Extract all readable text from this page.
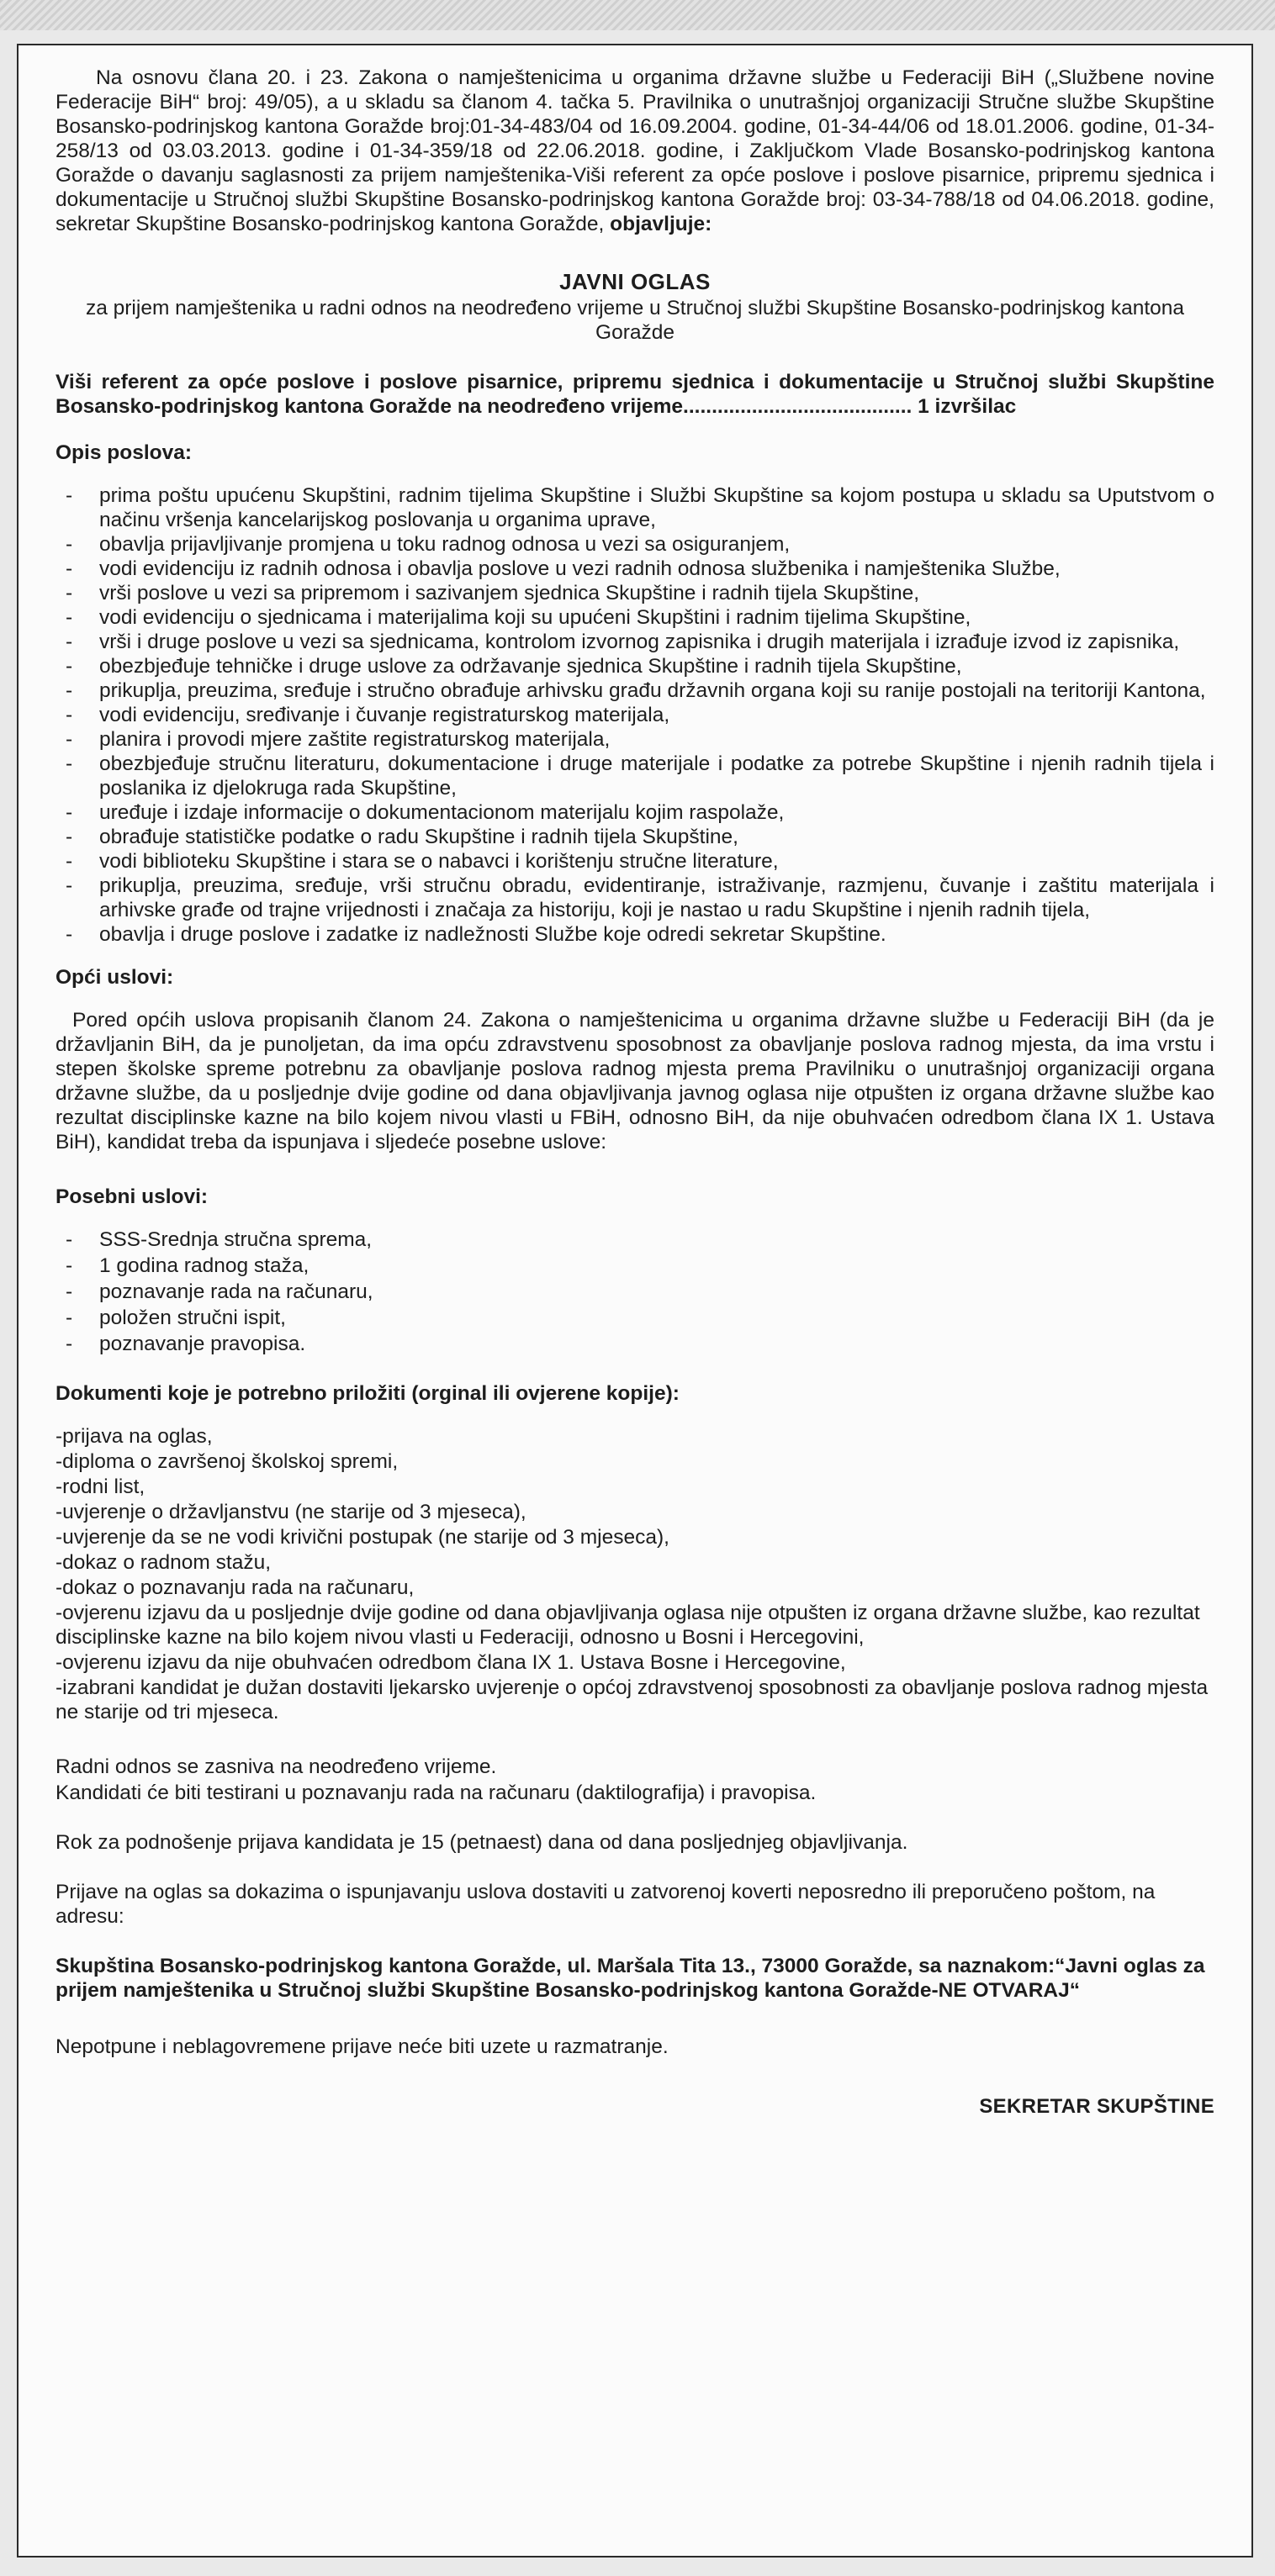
Na osnovu člana 20. i 23. Zakona o namještenicima u organima državne službe u Federaciji BiH („Službene novine Federacije BiH“ broj: 49/05), a u skladu sa članom 4. tačka 5. Pravilnika o unutrašnjoj organizaciji Stručne službe Skupštine Bosansko-podrinjskog kantona Goražde broj:01-34-483/04 od 16.09.2004. godine, 01-34-44/06 od 18.01.2006. godine, 01-34-258/13 od 03.03.2013. godine i 01-34-359/18 od 22.06.2018. godine, i Zaključkom Vlade Bosansko-podrinjskog kantona Goražde o davanju saglasnosti za prijem namještenika-Viši referent za opće poslove i poslove pisarnice, pripremu sjednica i dokumentacije u Stručnoj službi Skupštine Bosansko-podrinjskog kantona Goražde broj: 03-34-788/18 od 04.06.2018. godine, sekretar Skupštine Bosansko-podrinjskog kantona Goražde, objavljuje:

JAVNI OGLAS

za prijem namještenika u radni odnos na neodređeno vrijeme u Stručnoj službi Skupštine Bosansko-podrinjskog kantona Goražde

Viši referent za opće poslove i poslove pisarnice, pripremu sjednica i dokumentacije u Stručnoj službi Skupštine Bosansko-podrinjskog kantona Goražde na neodređeno vrijeme........................................ 1 izvršilac

Opis poslova:

- prima poštu upućenu Skupštini, radnim tijelima Skupštine i Službi Skupštine sa kojom postupa u skladu sa Uputstvom o načinu vršenja kancelarijskog poslovanja u organima uprave,
- obavlja prijavljivanje promjena u toku radnog odnosa u vezi sa osiguranjem,
- vodi evidenciju iz radnih odnosa i obavlja poslove u vezi radnih odnosa službenika i namještenika Službe,
- vrši poslove u vezi sa pripremom i sazivanjem sjednica Skupštine i radnih tijela Skupštine,
- vodi evidenciju o sjednicama i materijalima koji su upućeni Skupštini i radnim tijelima Skupštine,
- vrši i druge poslove u vezi sa sjednicama, kontrolom izvornog zapisnika i drugih materijala i izrađuje izvod iz zapisnika,
- obezbjeđuje tehničke i druge uslove za održavanje sjednica Skupštine i radnih tijela Skupštine,
- prikuplja, preuzima, sređuje i stručno obrađuje arhivsku građu državnih organa koji su ranije postojali na teritoriji Kantona,
- vodi evidenciju, sređivanje i čuvanje registraturskog materijala,
- planira i provodi mjere zaštite registraturskog materijala,
- obezbjeđuje stručnu literaturu, dokumentacione i druge materijale i podatke za potrebe Skupštine i njenih radnih tijela i poslanika iz djelokruga rada Skupštine,
- uređuje i izdaje informacije o dokumentacionom materijalu kojim raspolaže,
- obrađuje statističke podatke o radu Skupštine i radnih tijela Skupštine,
- vodi biblioteku Skupštine i stara se o nabavci i korištenju stručne literature,
- prikuplja, preuzima, sređuje, vrši stručnu obradu, evidentiranje, istraživanje, razmjenu, čuvanje i zaštitu materijala i arhivske građe od trajne vrijednosti i značaja za historiju, koji je nastao u radu Skupštine i njenih radnih tijela,
- obavlja i druge poslove i zadatke iz nadležnosti Službe koje odredi sekretar Skupštine.

Opći uslovi:

Pored općih uslova propisanih članom 24. Zakona o namještenicima u organima državne službe u Federaciji BiH (da je državljanin BiH, da je punoljetan, da ima opću zdravstvenu sposobnost za obavljanje poslova radnog mjesta, da ima vrstu i stepen školske spreme potrebnu za obavljanje poslova radnog mjesta prema Pravilniku o unutrašnjoj organizaciji organa državne službe, da u posljednje dvije godine od dana objavljivanja javnog oglasa nije otpušten iz organa državne službe kao rezultat disciplinske kazne na bilo kojem nivou vlasti u FBiH, odnosno BiH, da nije obuhvaćen odredbom člana IX 1. Ustava BiH), kandidat treba da ispunjava i sljedeće posebne uslove:

Posebni uslovi:

- SSS-Srednja stručna sprema,
- 1 godina radnog staža,
- poznavanje rada na računaru,
- položen stručni ispit,
- poznavanje pravopisa.

Dokumenti koje je potrebno priložiti (orginal ili ovjerene kopije):

-prijava na oglas,
-diploma o završenoj školskoj spremi,
-rodni list,
-uvjerenje o državljanstvu (ne starije od 3 mjeseca),
-uvjerenje da se ne vodi krivični postupak (ne starije od 3 mjeseca),
-dokaz o radnom stažu,
-dokaz o poznavanju rada na računaru,
-ovjerenu izjavu da u posljednje dvije godine od dana objavljivanja oglasa nije otpušten iz organa državne službe, kao rezultat disciplinske kazne na bilo kojem nivou vlasti u Federaciji, odnosno u Bosni i Hercegovini,
-ovjerenu izjavu da nije obuhvaćen odredbom člana IX 1. Ustava Bosne i Hercegovine,
-izabrani kandidat je dužan dostaviti ljekarsko uvjerenje o općoj zdravstvenoj sposobnosti za obavljanje poslova radnog mjesta ne starije od tri mjeseca.

Radni odnos se zasniva na neodređeno vrijeme.

Kandidati će biti testirani u poznavanju rada na računaru (daktilografija) i pravopisa.

Rok za podnošenje prijava kandidata je 15 (petnaest) dana od dana posljednjeg objavljivanja.

Prijave na oglas sa dokazima o ispunjavanju uslova dostaviti u zatvorenoj koverti neposredno ili preporučeno poštom, na adresu:

Skupština Bosansko-podrinjskog kantona Goražde, ul. Maršala Tita 13., 73000 Goražde, sa naznakom:“Javni oglas za prijem namještenika u Stručnoj službi Skupštine Bosansko-podrinjskog kantona Goražde-NE OTVARAJ“

Nepotpune i neblagovremene prijave neće biti uzete u razmatranje.

SEKRETAR SKUPŠTINE
